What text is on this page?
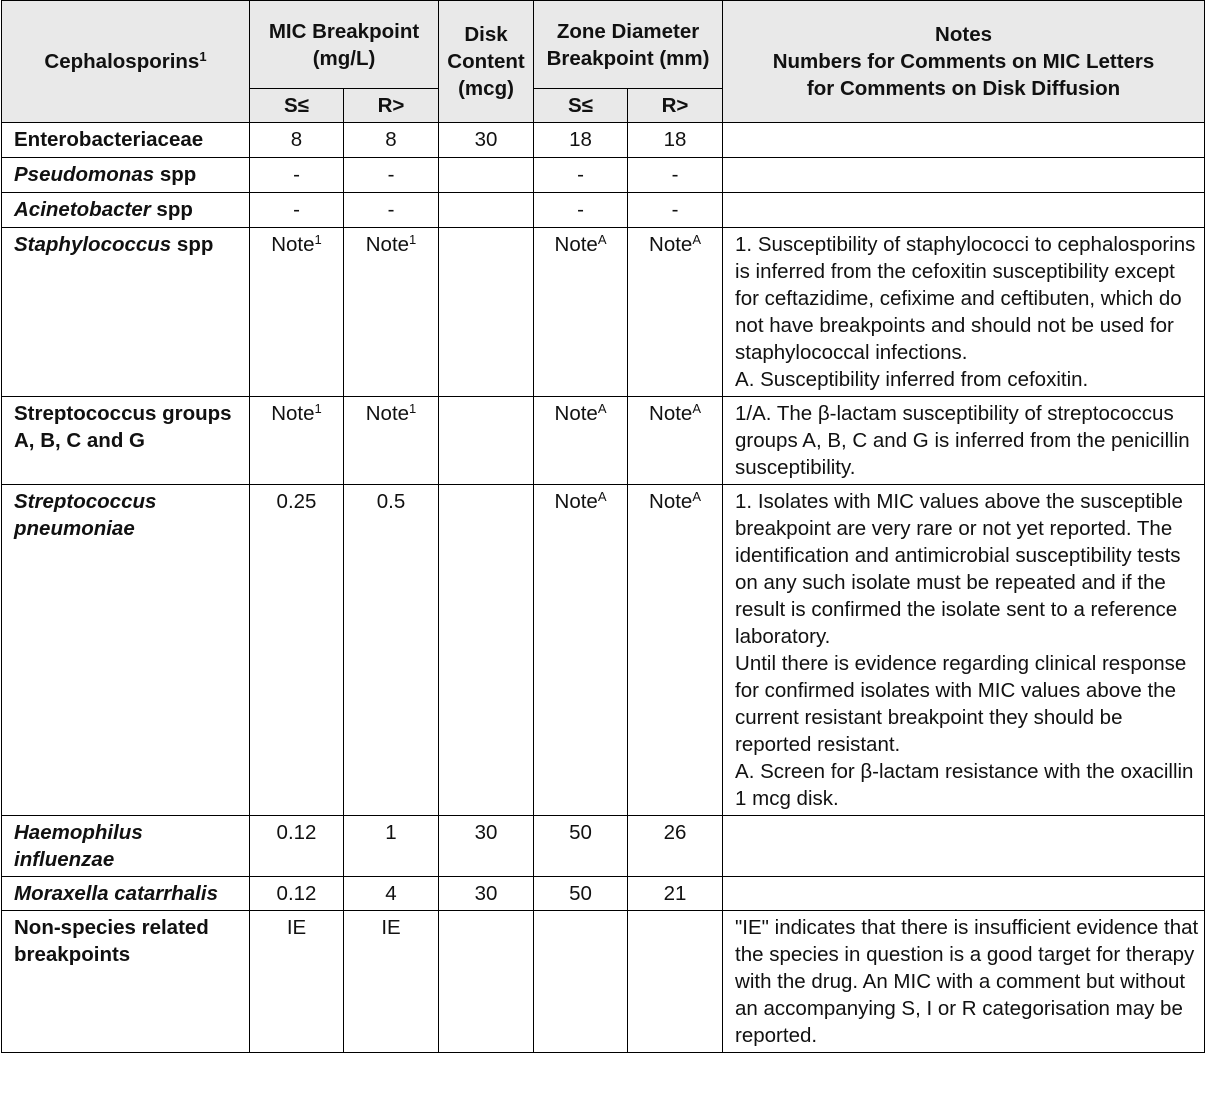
Cephalosporins$^1$	MIC Breakpoint (mg/L)		Disk Content (mcg)	Zone Diameter Breakpoint (mm)		Notes
Numbers for Comments on MIC Letters
for Comments on Disk Diffusion

	S≤	R>		S≤	R>	
Enterobacteriaceae	8	8	30	18	18	
Pseudomonas spp	-	-		-	-	
Acinetobacter spp	-	-		-	-	
Staphylococcus spp	Note$^1$	Note$^1$		Note$^A$	Note$^A$	1. Susceptibility of staphylococci to cephalosporins is inferred from the cefoxitin susceptibility except for ceftazidime, cefixime and ceftibuten, which do not have breakpoints and should not be used for staphylococcal infections.
A. Susceptibility inferred from cefoxitin.

Streptococcus groups A, B, C and G	Note$^1$	Note$^1$		Note$^A$	Note$^A$	1/A. The β-lactam susceptibility of streptococcus groups A, B, C and G is inferred from the penicillin susceptibility.

Streptococcus pneumoniae	0.25	0.5		Note$^A$	Note$^A$	1. Isolates with MIC values above the susceptible breakpoint are very rare or not yet reported. The identification and antimicrobial susceptibility tests on any such isolate must be repeated and if the result is confirmed the isolate sent to a reference laboratory.
Until there is evidence regarding clinical response for confirmed isolates with MIC values above the current resistant breakpoint they should be reported resistant.
A. Screen for β-lactam resistance with the oxacillin 1 mcg disk.

Haemophilus influenzae	0.12	1	30	50	26	
Moraxella catarrhalis	0.12	4	30	50	21	
Non-species related breakpoints	IE	IE				"IE" indicates that there is insufficient evidence that the species in question is a good target for therapy with the drug. An MIC with a comment but without an accompanying S, I or R categorisation may be reported.
